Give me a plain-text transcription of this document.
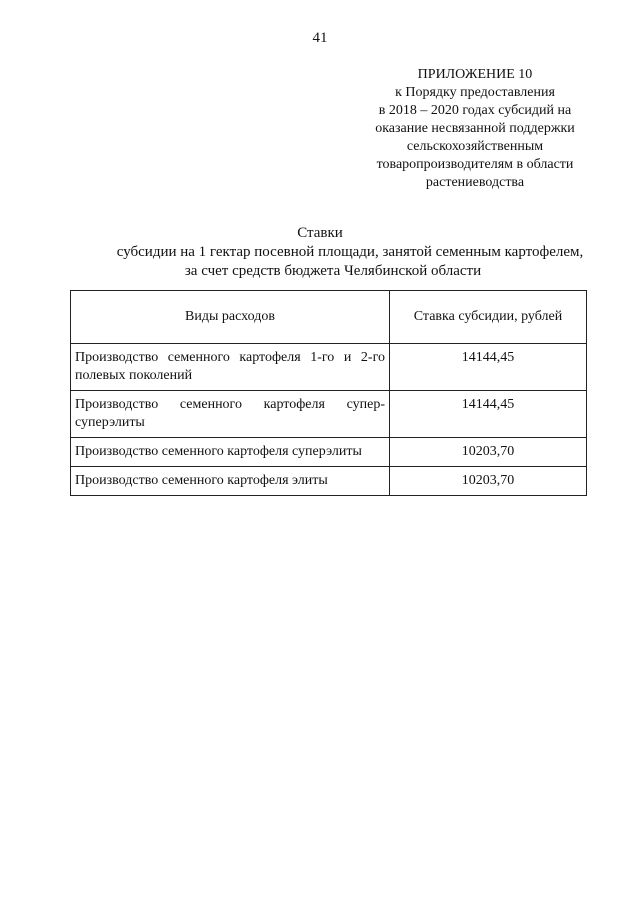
41
ПРИЛОЖЕНИЕ 10
к Порядку предоставления
в 2018 – 2020 годах субсидий на
оказание несвязанной поддержки
сельскохозяйственным
товаропроизводителям в области
растениеводства
Ставки
субсидии на 1 гектар посевной площади, занятой семенным картофелем,
за счет средств бюджета Челябинской области
Виды расходов	Ставка субсидии, рублей

Производство семенного картофеля 1-го и 2-го полевых поколений	14144,45

Производство семенного картофеля супер-суперэлиты	14144,45

Производство семенного картофеля суперэлиты	10203,70

Производство семенного картофеля элиты	10203,70
